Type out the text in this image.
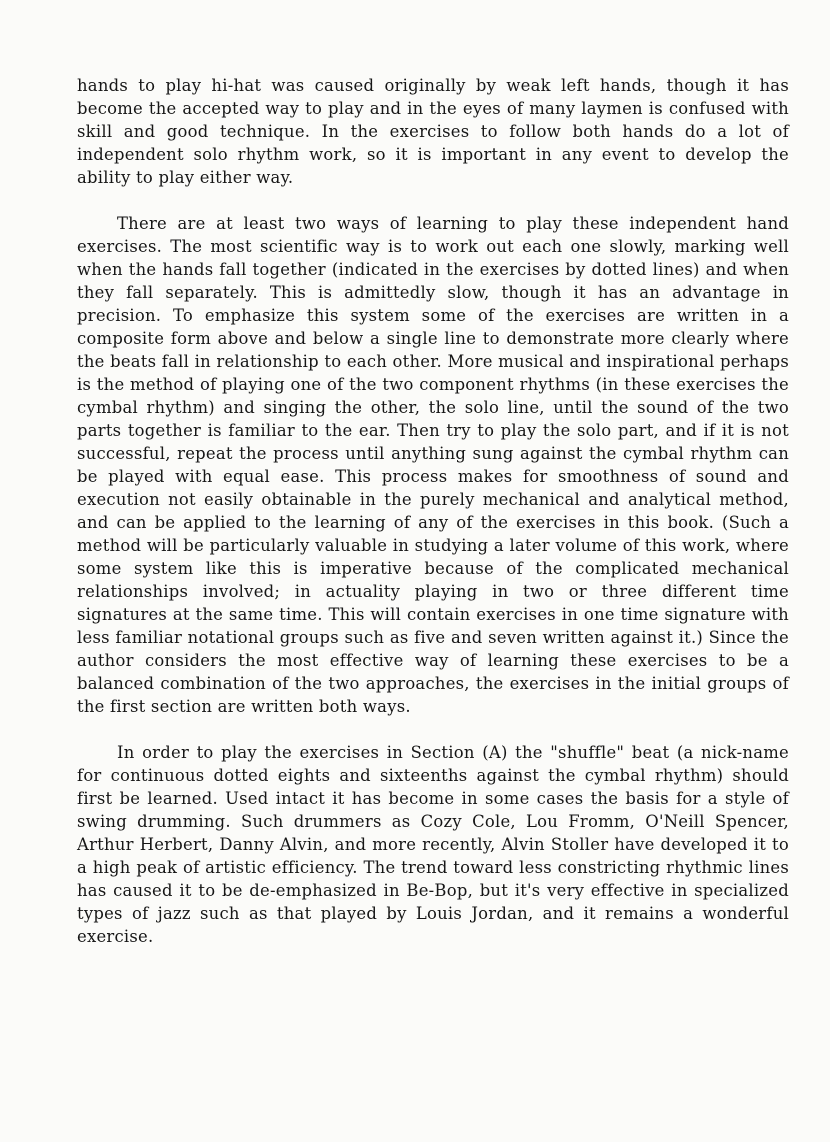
hands to play hi-hat was caused originally by weak left hands, though it has become the accepted way to play and in the eyes of many laymen is confused with skill and good technique. In the exercises to follow both hands do a lot of independent solo rhythm work, so it is important in any event to develop the ability to play either way.

There are at least two ways of learning to play these independent hand exercises. The most scientific way is to work out each one slowly, marking well when the hands fall together (indicated in the exercises by dotted lines) and when they fall separately. This is admittedly slow, though it has an advantage in precision. To emphasize this system some of the exercises are written in a composite form above and below a single line to demonstrate more clearly where the beats fall in relationship to each other. More musical and inspirational perhaps is the method of playing one of the two component rhythms (in these exercises the cymbal rhythm) and singing the other, the solo line, until the sound of the two parts together is familiar to the ear. Then try to play the solo part, and if it is not successful, repeat the process until anything sung against the cymbal rhythm can be played with equal ease. This process makes for smoothness of sound and execution not easily obtainable in the purely mechanical and analytical method, and can be applied to the learning of any of the exercises in this book. (Such a method will be particularly valuable in studying a later volume of this work, where some system like this is imperative because of the complicated mechanical relationships involved; in actuality playing in two or three different time signatures at the same time. This will contain exercises in one time signature with less familiar notational groups such as five and seven written against it.) Since the author considers the most effective way of learning these exercises to be a balanced combination of the two approaches, the exercises in the initial groups of the first section are written both ways.

In order to play the exercises in Section (A) the "shuffle" beat (a nick-name for continuous dotted eights and sixteenths against the cymbal rhythm) should first be learned. Used intact it has become in some cases the basis for a style of swing drumming. Such drummers as Cozy Cole, Lou Fromm, O'Neill Spencer, Arthur Herbert, Danny Alvin, and more recently, Alvin Stoller have developed it to a high peak of artistic efficiency. The trend toward less constricting rhythmic lines has caused it to be de-emphasized in Be-Bop, but it's very effective in specialized types of jazz such as that played by Louis Jordan, and it remains a wonderful exercise.
